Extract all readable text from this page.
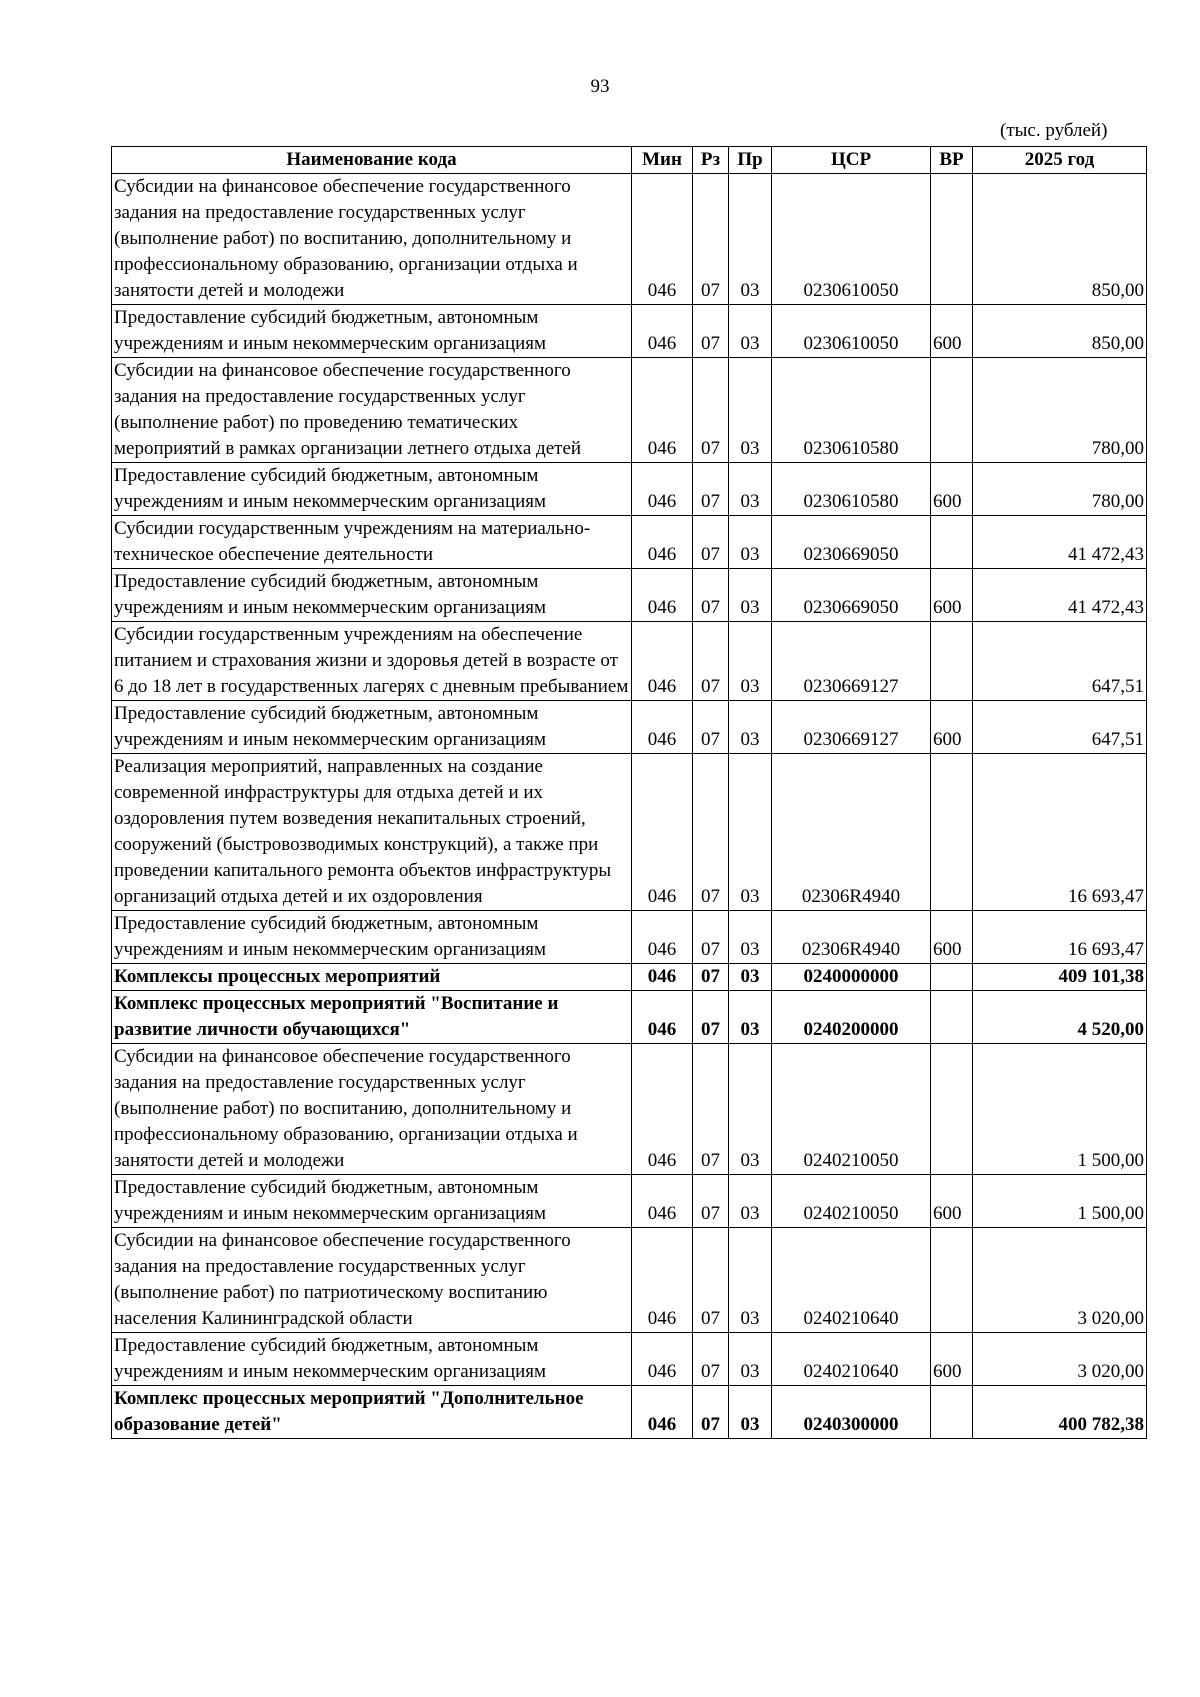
93
(тыс. рублей)
Наименование кода	Мин	Рз	Пр	ЦСР	ВР	2025 год
Субсидии на финансовое обеспечение государственного задания на предоставление государственных услуг (выполнение работ) по воспитанию, дополнительному и профессиональному образованию, организации отдыха и занятости детей и молодежи	046	07	03	0230610050		850,00
Предоставление субсидий бюджетным, автономным учреждениям и иным некоммерческим организациям	046	07	03	0230610050	600	850,00
Субсидии на финансовое обеспечение государственного задания на предоставление государственных услуг (выполнение работ) по проведению тематических мероприятий в рамках организации летнего отдыха детей	046	07	03	0230610580		780,00
Предоставление субсидий бюджетным, автономным учреждениям и иным некоммерческим организациям	046	07	03	0230610580	600	780,00
Субсидии государственным учреждениям на материально-техническое обеспечение деятельности	046	07	03	0230669050		41 472,43
Предоставление субсидий бюджетным, автономным учреждениям и иным некоммерческим организациям	046	07	03	0230669050	600	41 472,43
Субсидии государственным учреждениям на обеспечение питанием и страхования жизни и здоровья детей в возрасте от 6 до 18 лет в государственных лагерях с дневным пребыванием	046	07	03	0230669127		647,51
Предоставление субсидий бюджетным, автономным учреждениям и иным некоммерческим организациям	046	07	03	0230669127	600	647,51
Реализация мероприятий, направленных на создание современной инфраструктуры для отдыха детей и их оздоровления путем возведения некапитальных строений, сооружений (быстровозводимых конструкций), а также при проведении капитального ремонта объектов инфраструктуры организаций отдыха детей и их оздоровления	046	07	03	02306R4940		16 693,47
Предоставление субсидий бюджетным, автономным учреждениям и иным некоммерческим организациям	046	07	03	02306R4940	600	16 693,47
Комплексы процессных мероприятий	046	07	03	0240000000		409 101,38
Комплекс процессных мероприятий "Воспитание и развитие личности обучающихся"	046	07	03	0240200000		4 520,00
Субсидии на финансовое обеспечение государственного задания на предоставление государственных услуг (выполнение работ) по воспитанию, дополнительному и профессиональному образованию, организации отдыха и занятости детей и молодежи	046	07	03	0240210050		1 500,00
Предоставление субсидий бюджетным, автономным учреждениям и иным некоммерческим организациям	046	07	03	0240210050	600	1 500,00
Субсидии на финансовое обеспечение государственного задания на предоставление государственных услуг (выполнение работ) по патриотическому воспитанию населения Калининградской области	046	07	03	0240210640		3 020,00
Предоставление субсидий бюджетным, автономным учреждениям и иным некоммерческим организациям	046	07	03	0240210640	600	3 020,00
Комплекс процессных мероприятий "Дополнительное образование детей"	046	07	03	0240300000		400 782,38
